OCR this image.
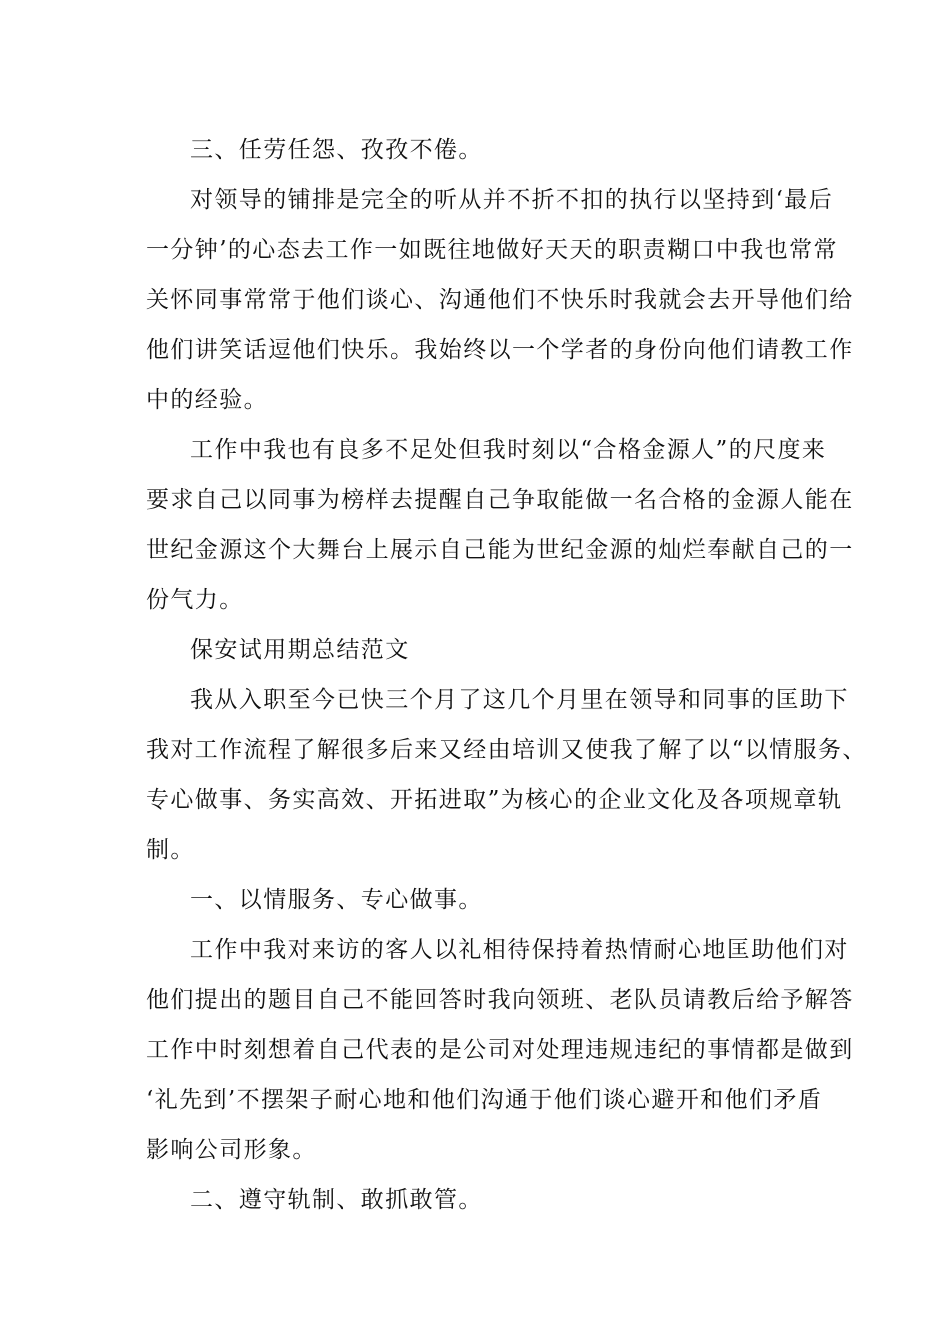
三、任劳任怨、孜孜不倦。
对领导的铺排是完全的听从并不折不扣的执行以坚持到‘最后
一分钟’的心态去工作一如既往地做好天天的职责糊口中我也常常
关怀同事常常于他们谈心、沟通他们不快乐时我就会去开导他们给
他们讲笑话逗他们快乐。我始终以一个学者的身份向他们请教工作
中的经验。
工作中我也有良多不足处但我时刻以“合格金源人”的尺度来
要求自己以同事为榜样去提醒自己争取能做一名合格的金源人能在
世纪金源这个大舞台上展示自己能为世纪金源的灿烂奉献自己的一
份气力。
保安试用期总结范文
我从入职至今已快三个月了这几个月里在领导和同事的匡助下
我对工作流程了解很多后来又经由培训又使我了解了以“以情服务、
专心做事、务实高效、开拓进取”为核心的企业文化及各项规章轨
制。
一、以情服务、专心做事。
工作中我对来访的客人以礼相待保持着热情耐心地匡助他们对
他们提出的题目自己不能回答时我向领班、老队员请教后给予解答
工作中时刻想着自己代表的是公司对处理违规违纪的事情都是做到
‘礼先到’不摆架子耐心地和他们沟通于他们谈心避开和他们矛盾
影响公司形象。
二、遵守轨制、敢抓敢管。
